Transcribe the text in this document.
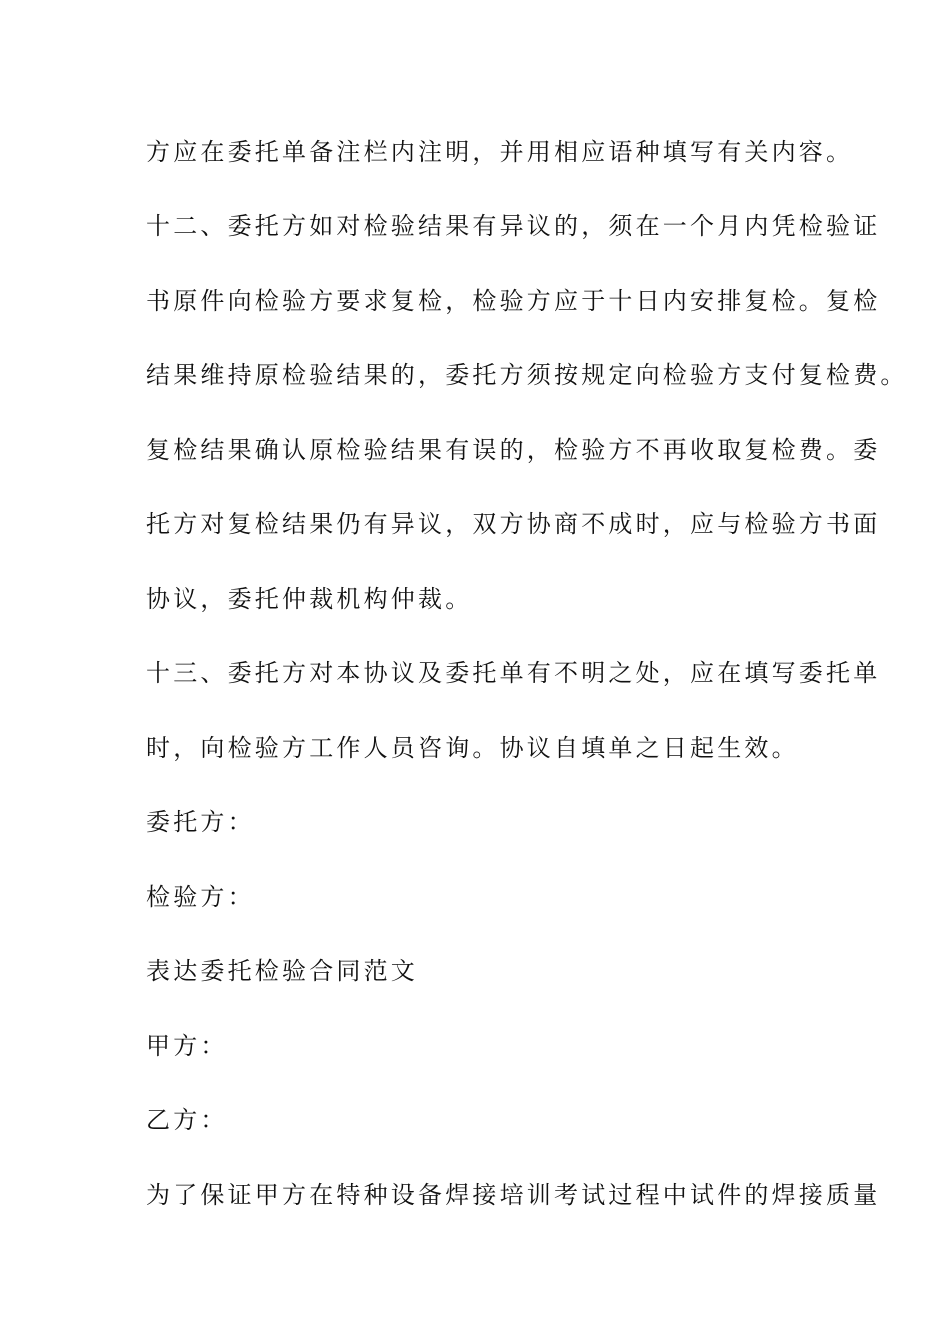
方应在委托单备注栏内注明，并用相应语种填写有关内容。
十二、委托方如对检验结果有异议的，须在一个月内凭检验证
书原件向检验方要求复检，检验方应于十日内安排复检。复检
结果维持原检验结果的，委托方须按规定向检验方支付复检费。
复检结果确认原检验结果有误的，检验方不再收取复检费。委
托方对复检结果仍有异议，双方协商不成时，应与检验方书面
协议，委托仲裁机构仲裁。
十三、委托方对本协议及委托单有不明之处，应在填写委托单
时，向检验方工作人员咨询。协议自填单之日起生效。
委托方：
检验方：
表达委托检验合同范文
甲方：
乙方：
为了保证甲方在特种设备焊接培训考试过程中试件的焊接质量
